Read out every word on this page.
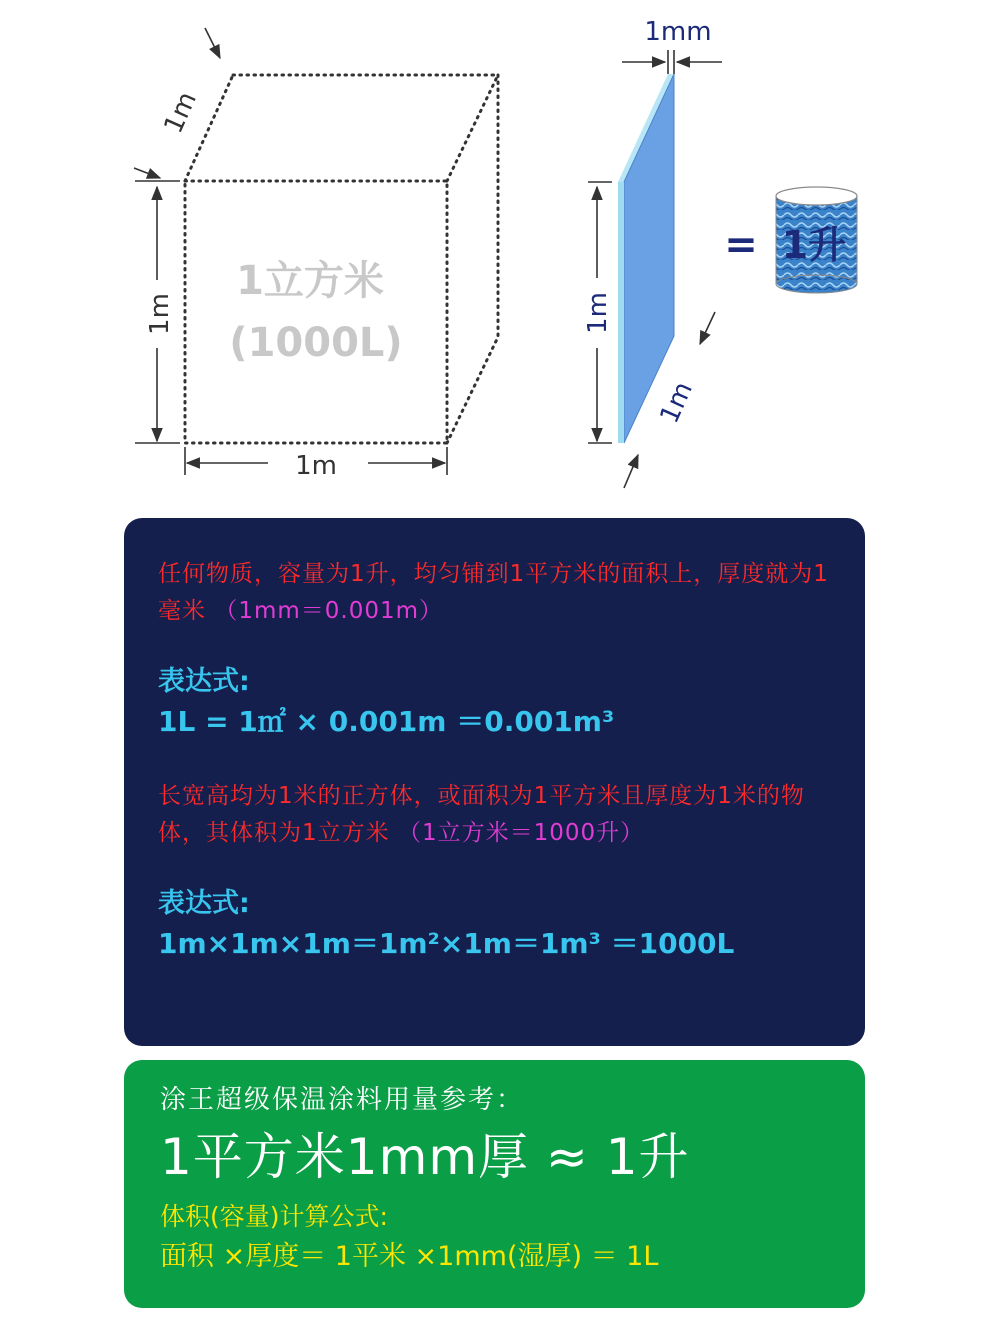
1立方米
(1000L)
1m
1m
1m
1mm
1m
1m
= 1升
任何物质，容量为1升，均匀铺到1平方米的面积上，厚度就为1毫米 （1mm＝0.001m）
表达式:
1L = 1㎡ × 0.001m ＝0.001m³
长宽高均为1米的正方体，或面积为1平方米且厚度为1米的物体，其体积为1立方米 （1立方米＝1000升）
表达式:
1m×1m×1m＝1m²×1m＝1m³ ＝1000L
涂王超级保温涂料用量参考：
1平方米1mm厚 ≈ 1升
体积(容量)计算公式:
面积 ×厚度＝ 1平米 ×1mm(湿厚) ＝ 1L
